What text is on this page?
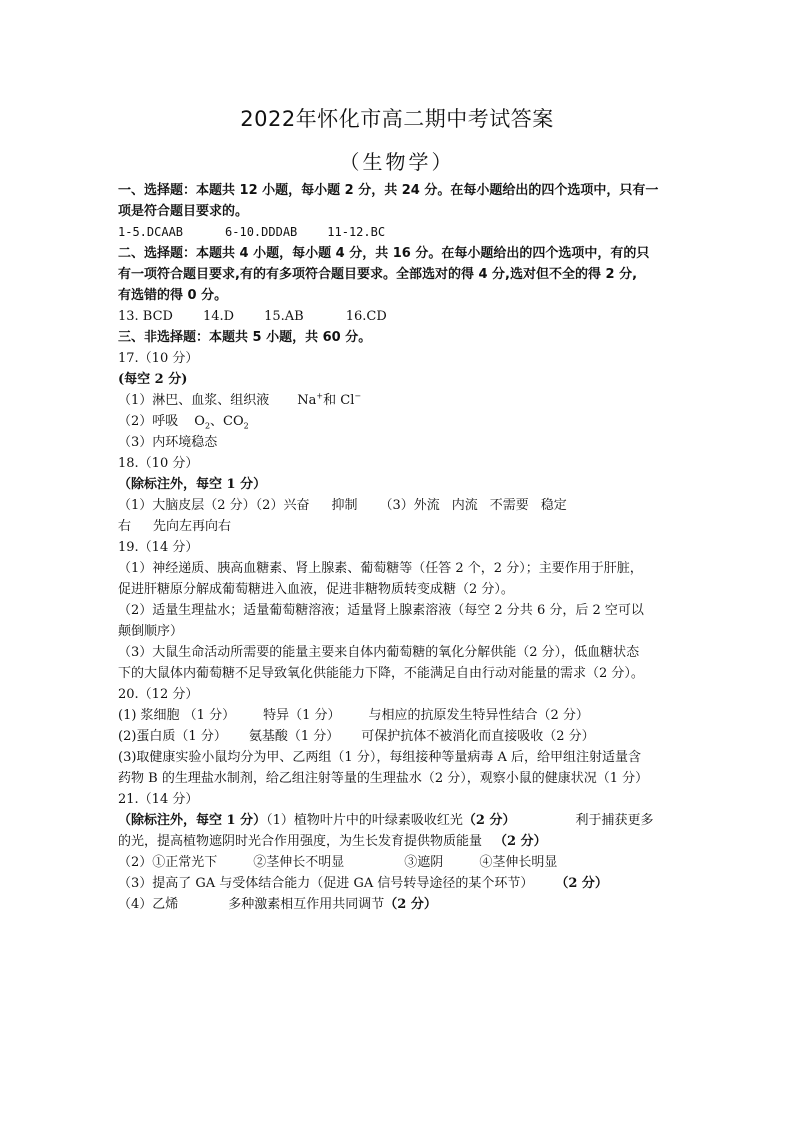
2022年怀化市高二期中考试答案
（生物学）
一、选择题：本题共 12 小题，每小题 2 分，共 24 分。在每小题给出的四个选项中，只有一
项是符合题目要求的。
1-5.DCAAB	6-10.DDDAB	11-12.BC
二、选择题：本题共 4 小题，每小题 4 分，共 16 分。在每小题给出的四个选项中，有的只
有一项符合题目要求,有的有多项符合题目要求。全部选对的得 4 分,选对但不全的得 2 分,
有选错的得 0 分。
13. BCD 14.D 15.AB	16.CD
三、非选择题：本题共 5 小题，共 60 分。
17.（10 分）
(每空 2 分)
（1）淋巴、血浆、组织液 Na+和 Cl−
（2）呼吸 $O_2$、$CO_2$
（3）内环境稳态
18.（10 分）
（除标注外，每空 1 分）
（1）大脑皮层（2 分）（2）兴奋 抑制 （3）外流 内流 不需要 稳定
右 先向左再向右
19.（14 分）
（1）神经递质、胰高血糖素、肾上腺素、葡萄糖等（任答 2 个，2 分）；主要作用于肝脏，
促进肝糖原分解成葡萄糖进入血液，促进非糖物质转变成糖（2 分）。
（2）适量生理盐水；适量葡萄糖溶液；适量肾上腺素溶液（每空 2 分共 6 分，后 2 空可以
颠倒顺序）
（3）大鼠生命活动所需要的能量主要来自体内葡萄糖的氧化分解供能（2 分），低血糖状态
下的大鼠体内葡萄糖不足导致氧化供能能力下降，不能满足自由行动对能量的需求（2 分）。
20.（12 分）
(1) 浆细胞 （1 分） 特异（1 分） 与相应的抗原发生特异性结合（2 分）
(2)蛋白质（1 分） 氨基酸（1 分） 可保护抗体不被消化而直接吸收（2 分）
(3)取健康实验小鼠均分为甲、乙两组（1 分），每组接种等量病毒 A 后，给甲组注射适量含
药物 B 的生理盐水制剂，给乙组注射等量的生理盐水（2 分），观察小鼠的健康状况（1 分）
21.（14 分）
（除标注外，每空 1 分）（1）植物叶片中的叶绿素吸收红光（2 分）	利于捕获更多
的光，提高植物遮阴时光合作用强度，为生长发育提供物质能量 （2 分）
（2）①正常光下	②茎伸长不明显	③遮阴	④茎伸长明显
（3）提高了 GA 与受体结合能力（促进 GA 信号转导途径的某个环节） （2 分）
（4）乙烯	多种激素相互作用共同调节（2 分）
